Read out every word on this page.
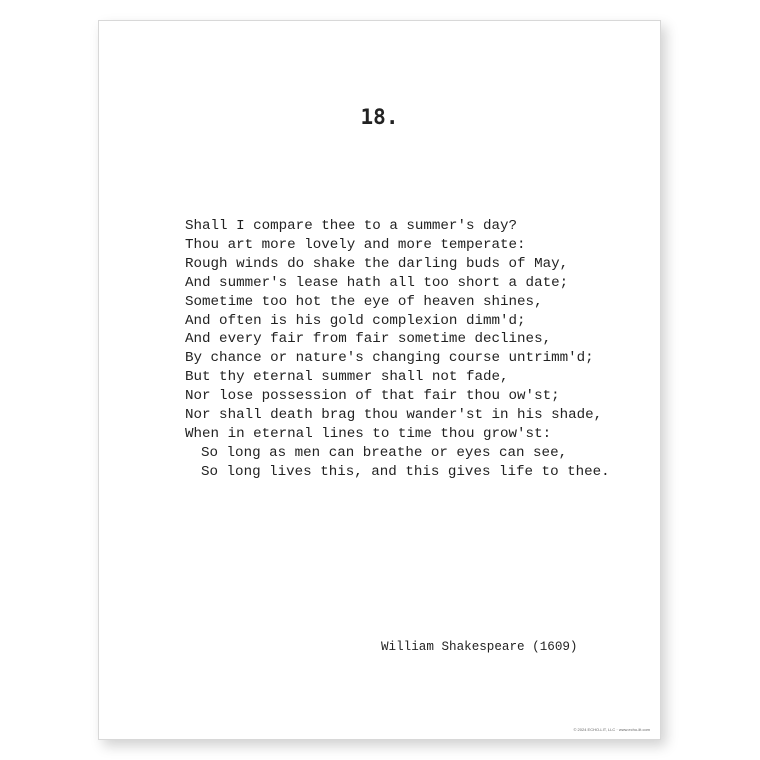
18.
Shall I compare thee to a summer's day?
Thou art more lovely and more temperate:
Rough winds do shake the darling buds of May,
And summer's lease hath all too short a date;
Sometime too hot the eye of heaven shines,
And often is his gold complexion dimm'd;
And every fair from fair sometime declines,
By chance or nature's changing course untrimm'd;
But thy eternal summer shall not fade,
Nor lose possession of that fair thou ow'st;
Nor shall death brag thou wander'st in his shade,
When in eternal lines to time thou grow'st:
So long as men can breathe or eyes can see,
So long lives this, and this gives life to thee.
William Shakespeare (1609)
© 2024 ECHO-LIT, LLC · www.echo-lit.com
